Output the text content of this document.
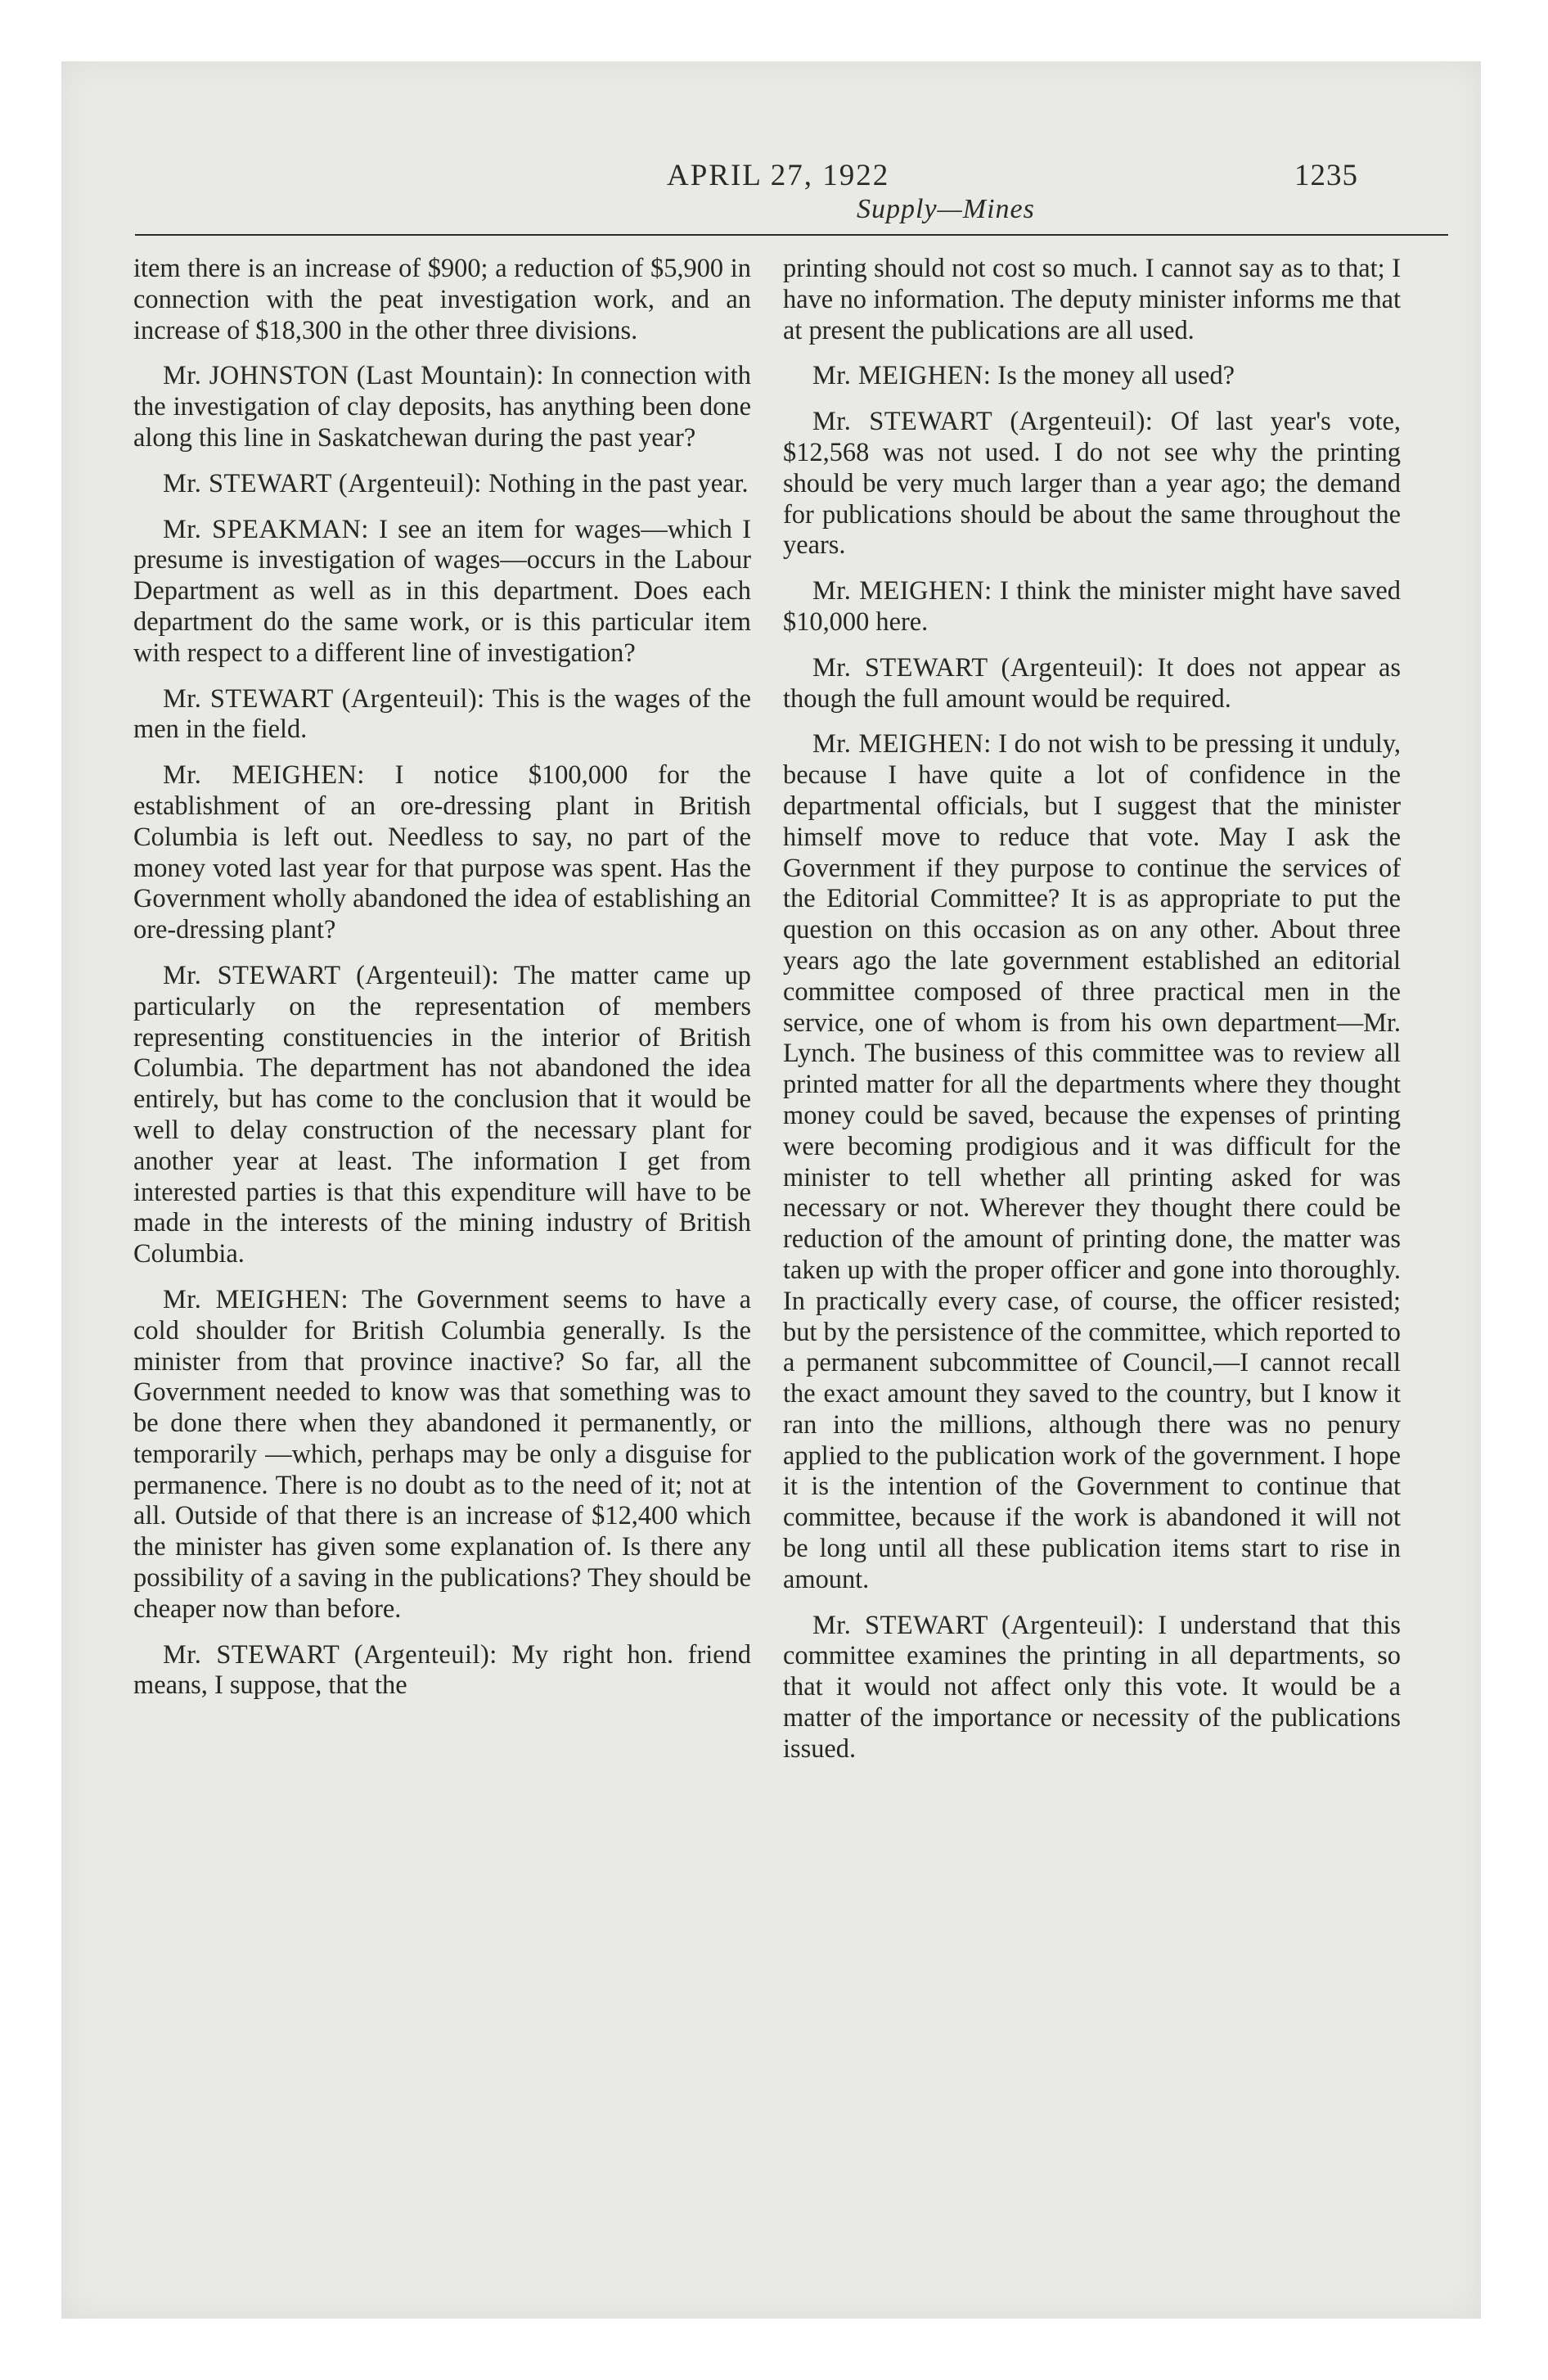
APRIL 27, 1922	1235
Supply—Mines

item there is an increase of $900; a reduction of $5,900 in connection with the peat investigation work, and an increase of $18,300 in the other three divisions.

Mr. JOHNSTON (Last Mountain): In connection with the investigation of clay deposits, has anything been done along this line in Saskatchewan during the past year?

Mr. STEWART (Argenteuil): Nothing in the past year.

Mr. SPEAKMAN: I see an item for wages—which I presume is investigation of wages—occurs in the Labour Department as well as in this department. Does each department do the same work, or is this particular item with respect to a different line of investigation?

Mr. STEWART (Argenteuil): This is the wages of the men in the field.

Mr. MEIGHEN: I notice $100,000 for the establishment of an ore-dressing plant in British Columbia is left out. Needless to say, no part of the money voted last year for that purpose was spent. Has the Government wholly abandoned the idea of establishing an ore-dressing plant?

Mr. STEWART (Argenteuil): The matter came up particularly on the representation of members representing constituencies in the interior of British Columbia. The department has not abandoned the idea entirely, but has come to the conclusion that it would be well to delay construction of the necessary plant for another year at least. The information I get from interested parties is that this expenditure will have to be made in the interests of the mining industry of British Columbia.

Mr. MEIGHEN: The Government seems to have a cold shoulder for British Columbia generally. Is the minister from that province inactive? So far, all the Government needed to know was that something was to be done there when they abandoned it permanently, or temporarily —which, perhaps may be only a disguise for permanence. There is no doubt as to the need of it; not at all. Outside of that there is an increase of $12,400 which the minister has given some explanation of. Is there any possibility of a saving in the publications? They should be cheaper now than before.

Mr. STEWART (Argenteuil): My right hon. friend means, I suppose, that the

printing should not cost so much. I cannot say as to that; I have no information. The deputy minister informs me that at present the publications are all used.

Mr. MEIGHEN: Is the money all used?

Mr. STEWART (Argenteuil): Of last year's vote, $12,568 was not used. I do not see why the printing should be very much larger than a year ago; the demand for publications should be about the same throughout the years.

Mr. MEIGHEN: I think the minister might have saved $10,000 here.

Mr. STEWART (Argenteuil): It does not appear as though the full amount would be required.

Mr. MEIGHEN: I do not wish to be pressing it unduly, because I have quite a lot of confidence in the departmental officials, but I suggest that the minister himself move to reduce that vote. May I ask the Government if they purpose to continue the services of the Editorial Committee? It is as appropriate to put the question on this occasion as on any other. About three years ago the late government established an editorial committee composed of three practical men in the service, one of whom is from his own department—Mr. Lynch. The business of this committee was to review all printed matter for all the departments where they thought money could be saved, because the expenses of printing were becoming prodigious and it was difficult for the minister to tell whether all printing asked for was necessary or not. Wherever they thought there could be reduction of the amount of printing done, the matter was taken up with the proper officer and gone into thoroughly. In practically every case, of course, the officer resisted; but by the persistence of the committee, which reported to a permanent subcommittee of Council,—I cannot recall the exact amount they saved to the country, but I know it ran into the millions, although there was no penury applied to the publication work of the government. I hope it is the intention of the Government to continue that committee, because if the work is abandoned it will not be long until all these publication items start to rise in amount.

Mr. STEWART (Argenteuil): I understand that this committee examines the printing in all departments, so that it would not affect only this vote. It would be a matter of the importance or necessity of the publications issued.
